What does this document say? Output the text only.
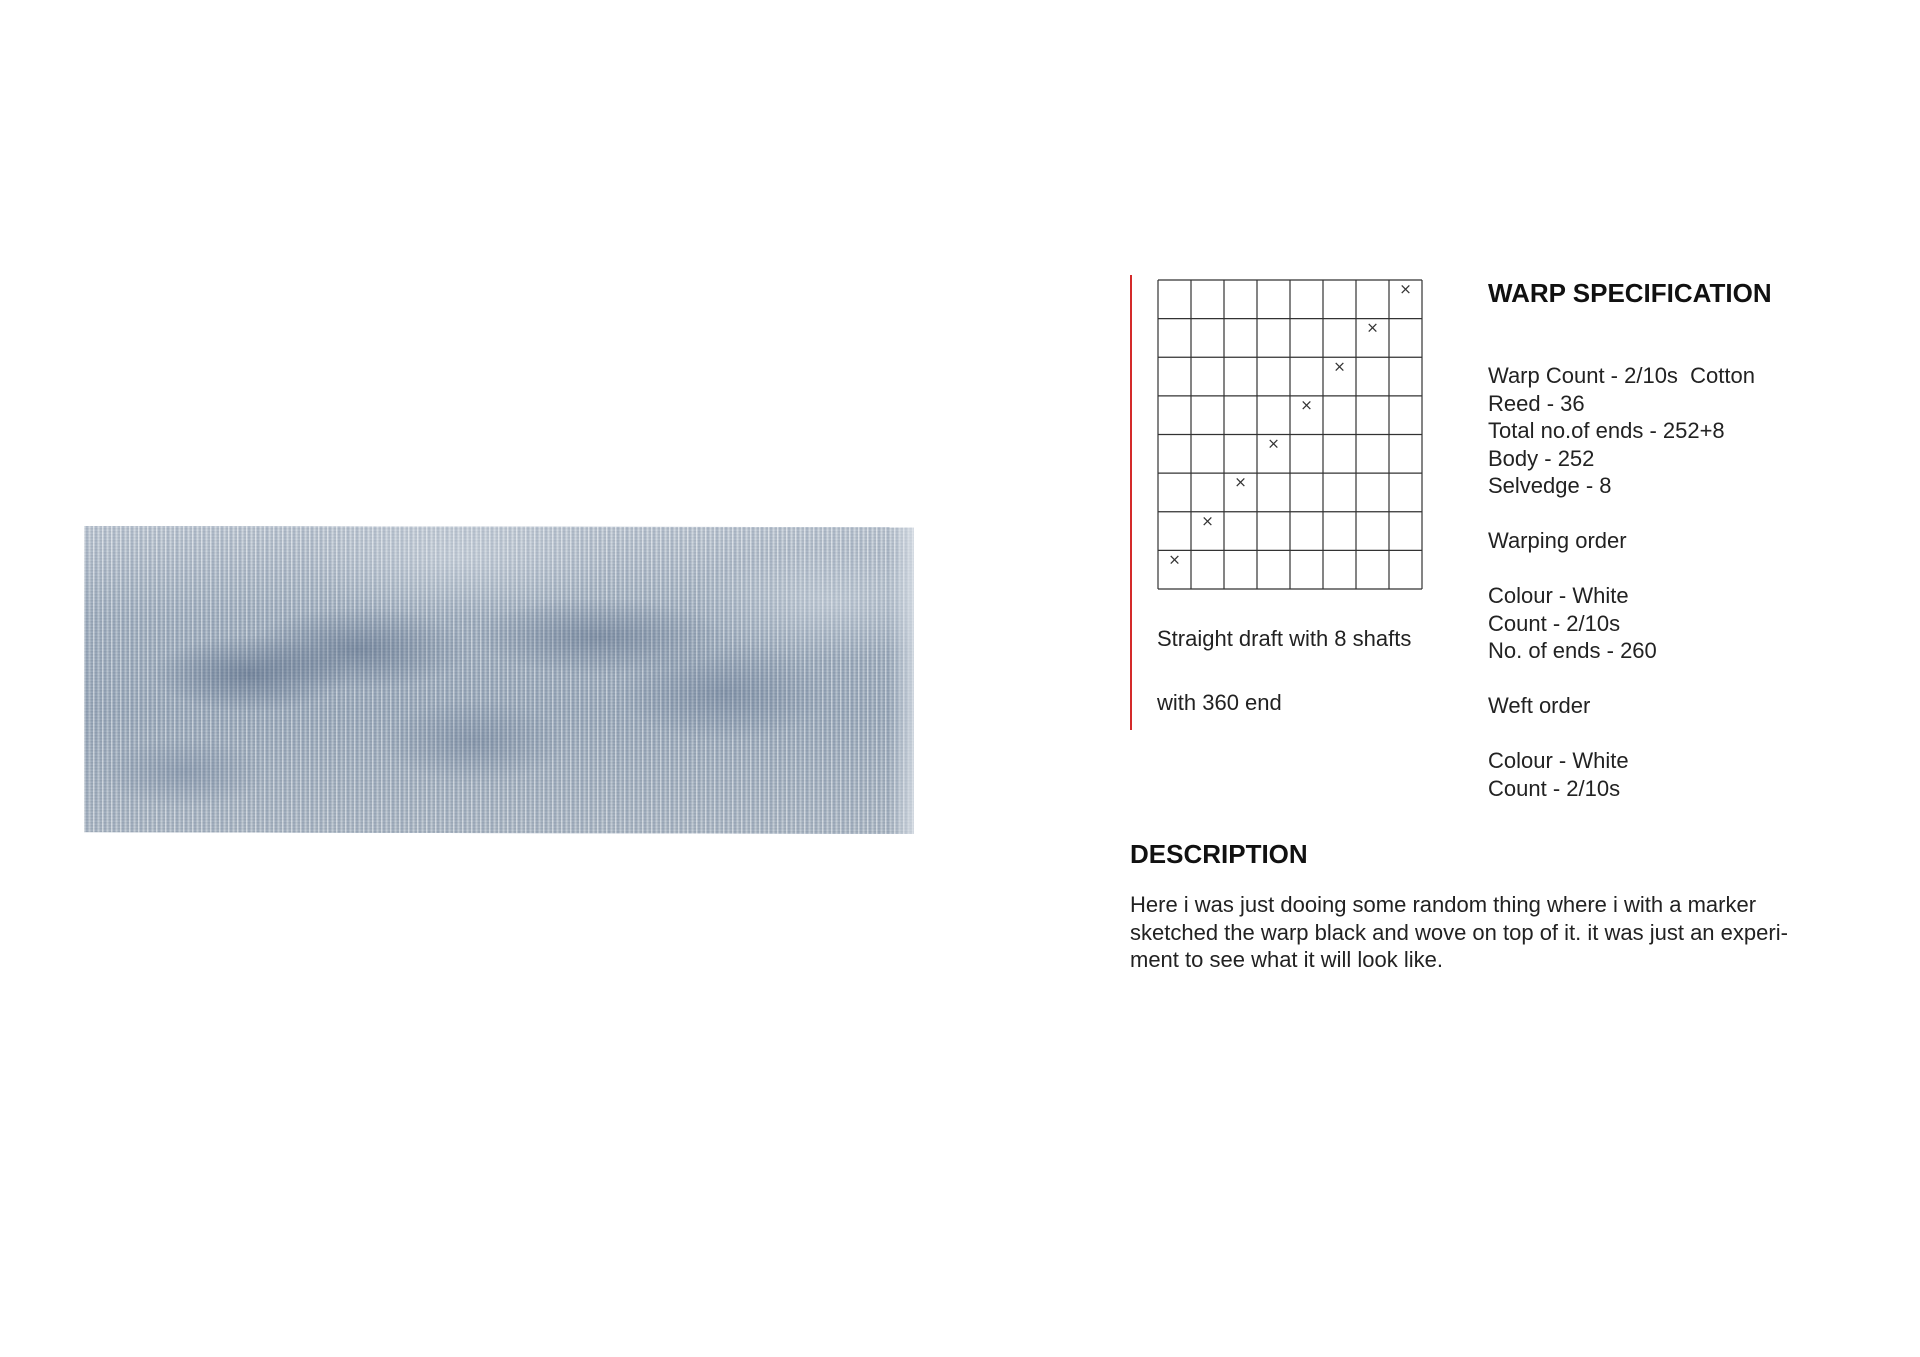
×
×
×
×
×
×
×
×
Straight draft with 8 shafts
with 360 end
WARP SPECIFICATION
Warp Count - 2/10s  Cotton
Reed - 36
Total no.of ends - 252+8
Body - 252
Selvedge - 8
Warping order
Colour - White
Count - 2/10s
No. of ends - 260
Weft order
Colour - White
Count - 2/10s
DESCRIPTION

Here i was just dooing some random thing where i with a marker
sketched the warp black and wove on top of it. it was just an experi-
ment to see what it will look like.
